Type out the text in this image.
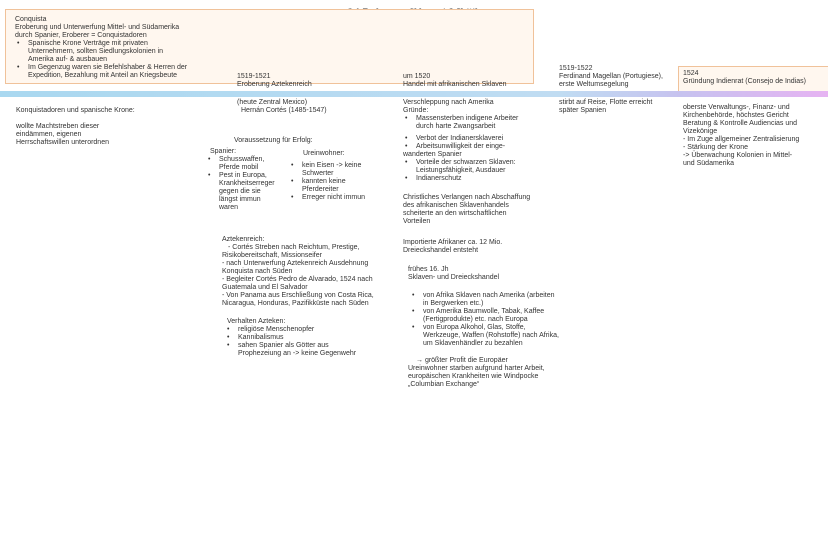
Conquista
Eroberung und Unterwerfung Mittel- und Südamerika
durch Spanier, Eroberer = Conquistadoren
• Spanische Krone Verträge mit privaten
Unternehmern, sollten Siedlungskolonien in
Amerika auf- & ausbauen
• Im Gegenzug waren sie Befehlshaber & Herren der
Expedition, Bezahlung mit Anteil an Kriegsbeute	1519-1521
Eroberung Aztekenreich
um 1520
Handel mit afrikanischen Sklaven
1519-1522
Ferdinand Magellan (Portugiese),
erste Weltumsegelung
1524
Gründung Indienrat (Consejo de Indias)
Konquistadoren und spanische Krone:
wollte Machtstreben dieser
eindämmen, eigenen
Herrschaftswillen unterordnen
(heute Zentral Mexico)
Hernán Cortés (1485-1547)
Voraussetzung für Erfolg:
Spanier:
• Schusswaffen,
Pferde mobil
• Pest in Europa,
Krankheitserreger
gegen die sie
längst immun
waren
Ureinwohner:
• kein Eisen -> keine
Schwerter
• kannten keine
Pferdereiter
• Erreger nicht immun
Aztekenreich:
- Cortés Streben nach Reichtum, Prestige,
Risikobereitschaft, Missionseifer
- nach Unterwerfung Aztekenreich Ausdehnung
Konquista nach Süden
- Begleiter Cortés Pedro de Alvarado, 1524 nach
Guatemala und El Salvador
- Von Panama aus Erschließung von Costa Rica,
Nicaragua, Honduras, Pazifikküste nach Süden
Verhalten Azteken:
• religiöse Menschenopfer
• Kannibalismus
• sahen Spanier als Götter aus
Prophezeiung an -> keine Gegenwehr
Verschleppung nach Amerika
Gründe:
• Massensterben indigene Arbeiter
durch harte Zwangsarbeit
• Verbot der Indianersklaverei
• Arbeitsunwilligkeit der einge-
wanderten Spanier
• Vorteile der schwarzen Sklaven:
Leistungsfähigkeit, Ausdauer
• Indianerschutz
Christliches Verlangen nach Abschaffung
des afrikanischen Sklavenhandels
scheiterte an den wirtschaftlichen
Vorteilen
Importierte Afrikaner ca. 12 Mio.
Dreieckshandel entsteht
frühes 16. Jh
Sklaven- und Dreieckshandel
• von Afrika Sklaven nach Amerika (arbeiten
in Bergwerken etc.)
• von Amerika Baumwolle, Tabak, Kaffee
(Fertigprodukte) etc. nach Europa
• von Europa Alkohol, Glas, Stoffe,
Werkzeuge, Waffen (Rohstoffe) nach Afrika,
um Sklavenhändler zu bezahlen
→ größter Profit die Europäer
Ureinwohner starben aufgrund harter Arbeit,
europäischen Krankheiten wie Windpocke
„Columbian Exchange“
stirbt auf Reise, Flotte erreicht
später Spanien	oberste Verwaltungs-, Finanz- und
Kirchenbehörde, höchstes Gericht
Beratung & Kontrolle Audiencias und
Vizekönige
- Im Zuge allgemeiner Zentralisierung
- Stärkung der Krone
-> Überwachung Kolonien in Mittel-
und Südamerika
